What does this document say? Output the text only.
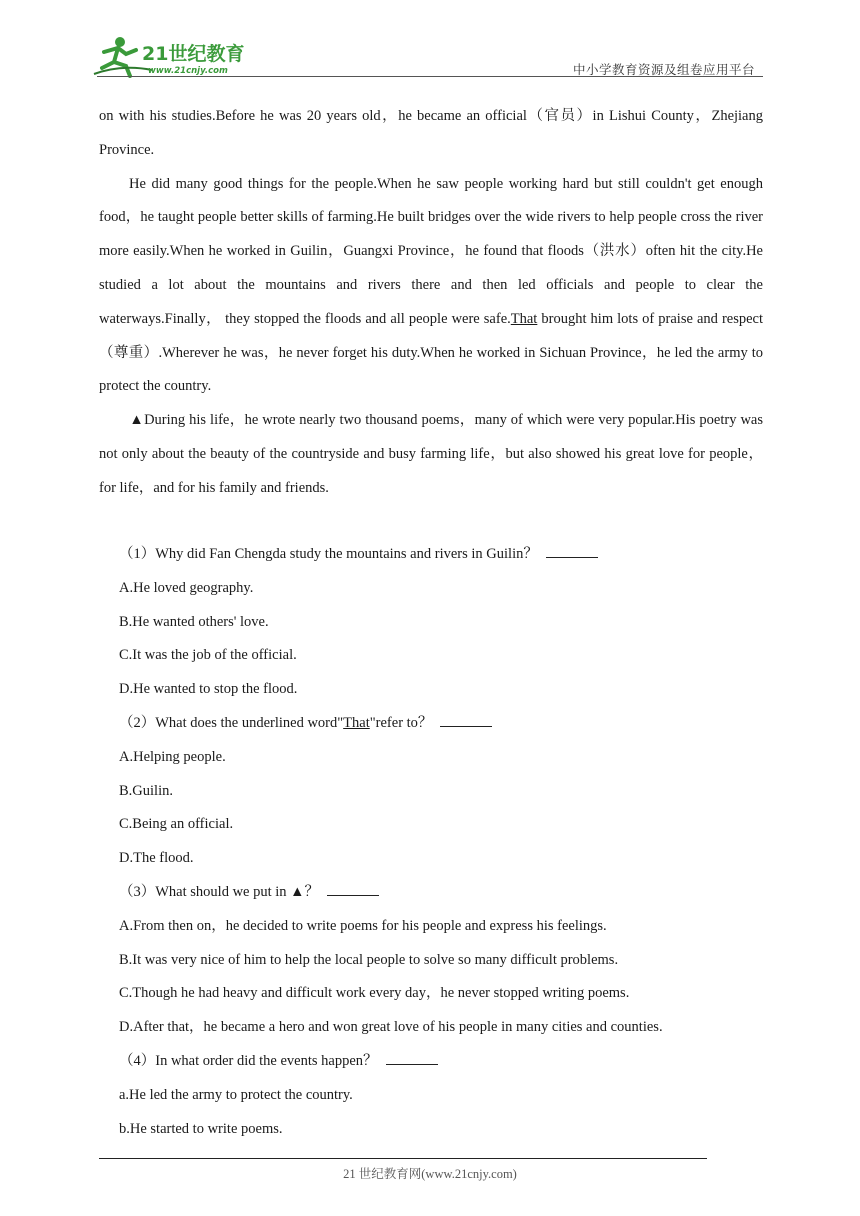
21世纪教育
www.21cnjy.com	中小学教育资源及组卷应用平台

on with his studies.Before he was 20 years old，he became an official（官员）in Lishui County，Zhejiang Province.

He did many good things for the people.When he saw people working hard but still couldn't get enough food，he taught people better skills of farming.He built bridges over the wide rivers to help people cross the river more easily.When he worked in Guilin，Guangxi Province，he found that floods（洪水）often hit the city.He studied a lot about the mountains and rivers there and then led officials and people to clear the waterways.Finally， they stopped the floods and all people were safe.That brought him lots of praise and respect（尊重）.Wherever he was，he never forget his duty.When he worked in Sichuan Province，he led the army to protect the country.

▲During his life，he wrote nearly two thousand poems，many of which were very popular.His poetry was not only about the beauty of the countryside and busy farming life，but also showed his great love for people，for life，and for his family and friends.

（1）Why did Fan Chengda study the mountains and rivers in Guilin？
A.He loved geography.
B.He wanted others' love.
C.It was the job of the official.
D.He wanted to stop the flood.
（2）What does the underlined word"That"refer to？
A.Helping people.
B.Guilin.
C.Being an official.
D.The flood.
（3）What should we put in ▲？
A.From then on，he decided to write poems for his people and express his feelings.
B.It was very nice of him to help the local people to solve so many difficult problems.
C.Though he had heavy and difficult work every day，he never stopped writing poems.
D.After that，he became a hero and won great love of his people in many cities and counties.
（4）In what order did the events happen？
a.He led the army to protect the country.
b.He started to write poems.
21 世纪教育网(www.21cnjy.com)
